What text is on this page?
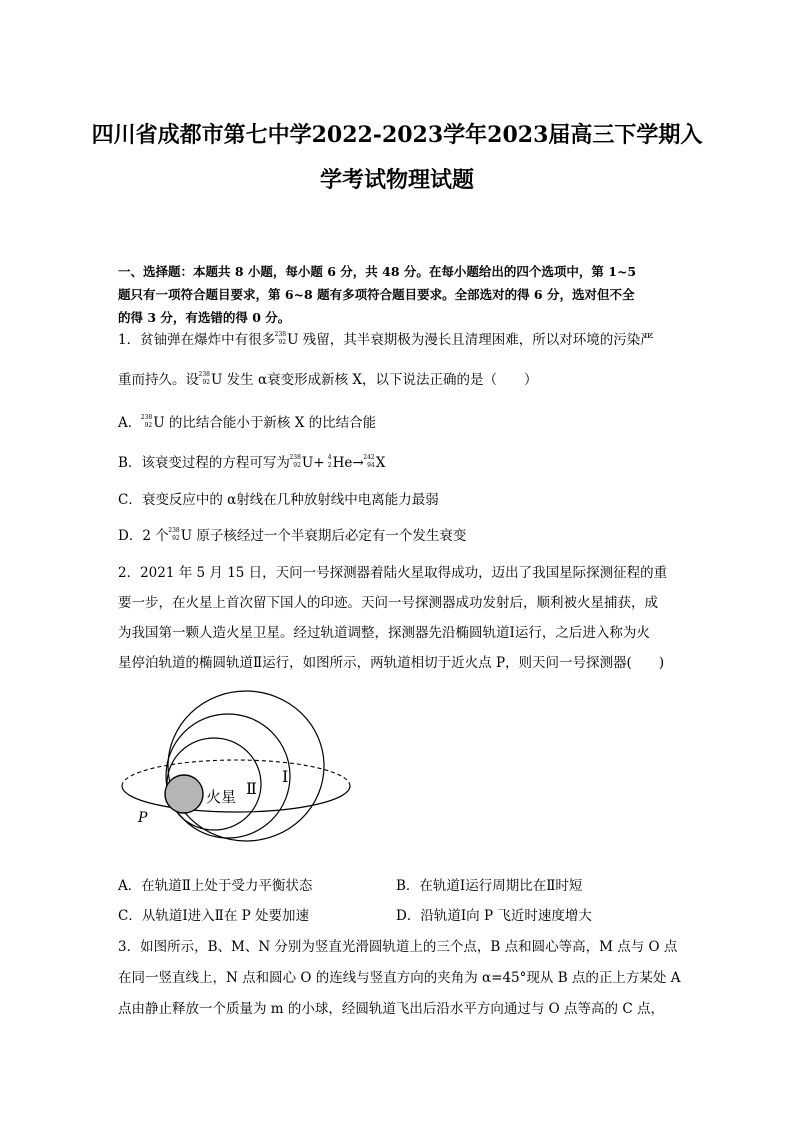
四川省成都市第七中学2022-2023学年2023届高三下学期入
学考试物理试题
一、选择题：本题共 8 小题，每小题 6 分，共 48 分。在每小题给出的四个选项中，第 1~5
题只有一项符合题目要求，第 6~8 题有多项符合题目要求。全部选对的得 6 分，选对但不全
的得 3 分，有选错的得 0 分。
1．贫铀弹在爆炸中有很多 238
92 U 残留，其半衰期极为漫长且清理困难，所以对环境的污染严
重而持久。设 238
92 U 发生 α衰变形成新核 X，以下说法正确的是（　　）
A． 238
92 U 的比结合能小于新核 X 的比结合能
B．该衰变过程的方程可写为 238
92 U+ 4
2 He→ 242
94 X
C．衰变反应中的 α射线在几种放射线中电离能力最弱
D．2 个 238
92 U 原子核经过一个半衰期后必定有一个发生衰变
2．2021 年 5 月 15 日，天问一号探测器着陆火星取得成功，迈出了我国星际探测征程的重
要一步，在火星上首次留下国人的印迹。天问一号探测器成功发射后，顺利被火星捕获，成
为我国第一颗人造火星卫星。经过轨道调整，探测器先沿椭圆轨道Ⅰ运行，之后进入称为火
星停泊轨道的椭圆轨道Ⅱ运行，如图所示，两轨道相切于近火点 P，则天问一号探测器(　　)
火星 Ⅱ
Ⅰ
P
A．在轨道Ⅱ上处于受力平衡状态	B．在轨道Ⅰ运行周期比在Ⅱ时短
C．从轨道Ⅰ进入Ⅱ在 P 处要加速	D．沿轨道Ⅰ向 P 飞近时速度增大
3．如图所示，B、M、N 分别为竖直光滑圆轨道上的三个点，B 点和圆心等高，M 点与 O 点
在同一竖直线上，N 点和圆心 O 的连线与竖直方向的夹角为 α=45°现从 B 点的正上方某处 A
点由静止释放一个质量为 m 的小球，经圆轨道飞出后沿水平方向通过与 O 点等高的 C 点，
